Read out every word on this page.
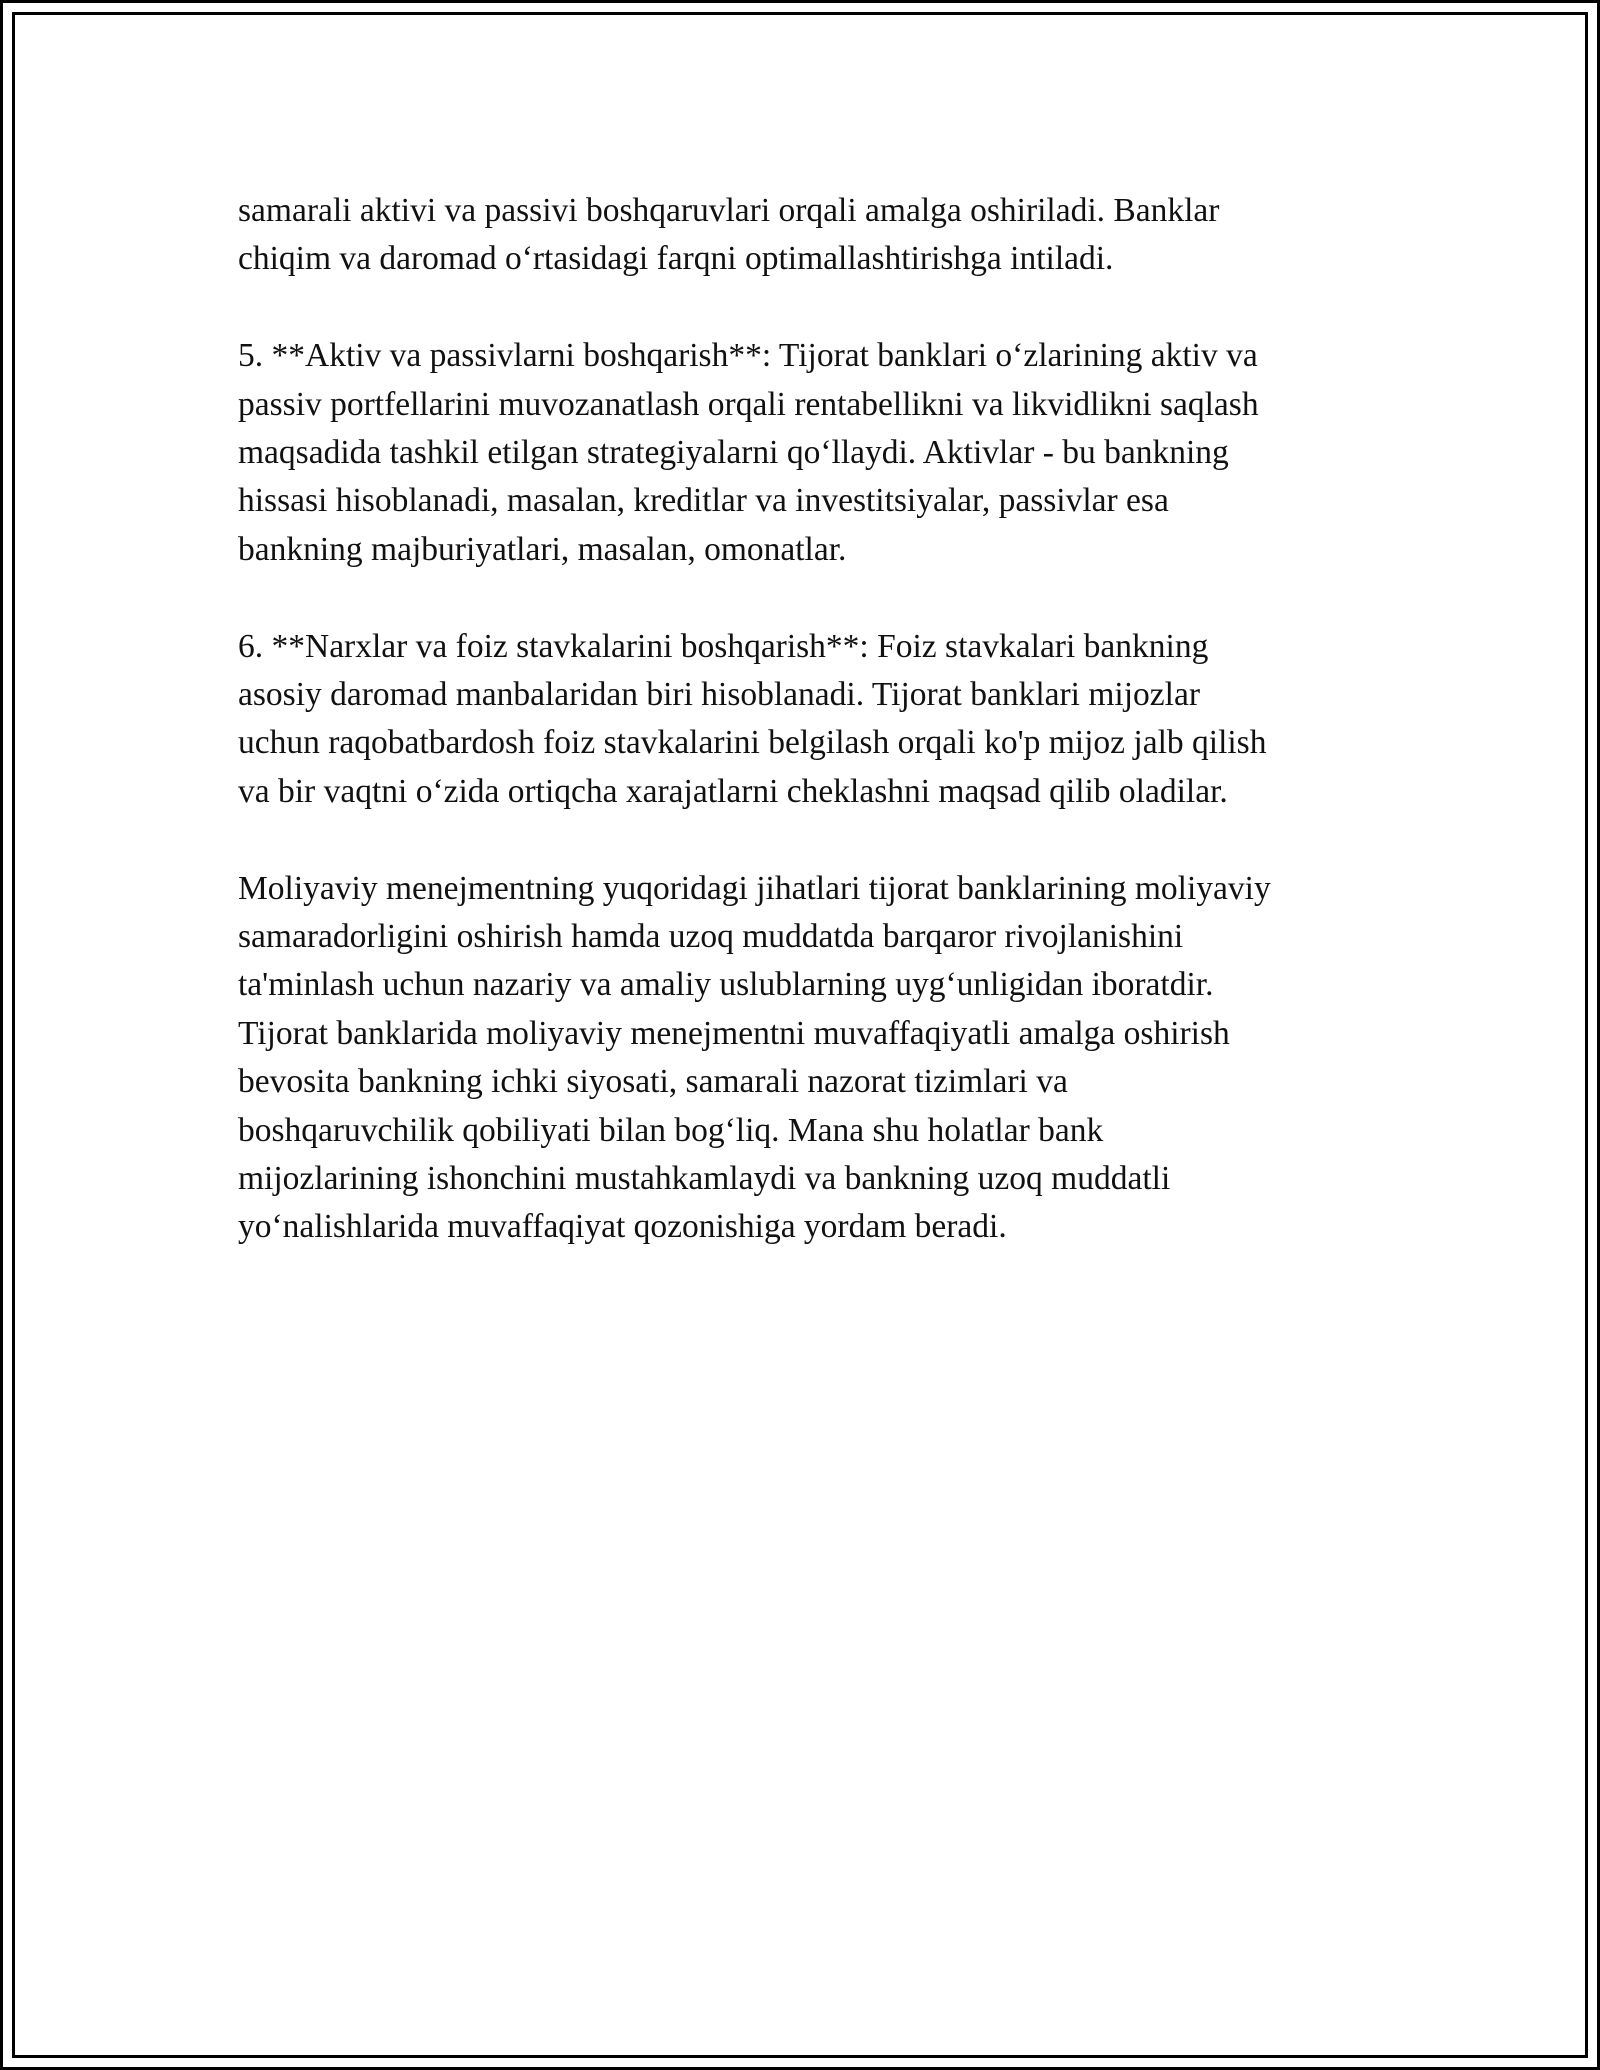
samarali aktivi va passivi boshqaruvlari orqali amalga oshiriladi. Banklar
chiqim va daromad o‘rtasidagi farqni optimallashtirishga intiladi.

5. **Aktiv va passivlarni boshqarish**: Tijorat banklari o‘zlarining aktiv va
passiv portfellarini muvozanatlash orqali rentabellikni va likvidlikni saqlash
maqsadida tashkil etilgan strategiyalarni qo‘llaydi. Aktivlar - bu bankning
hissasi hisoblanadi, masalan, kreditlar va investitsiyalar, passivlar esa
bankning majburiyatlari, masalan, omonatlar.

6. **Narxlar va foiz stavkalarini boshqarish**: Foiz stavkalari bankning
asosiy daromad manbalaridan biri hisoblanadi. Tijorat banklari mijozlar
uchun raqobatbardosh foiz stavkalarini belgilash orqali ko'p mijoz jalb qilish
va bir vaqtni o‘zida ortiqcha xarajatlarni cheklashni maqsad qilib oladilar.

Moliyaviy menejmentning yuqoridagi jihatlari tijorat banklarining moliyaviy
samaradorligini oshirish hamda uzoq muddatda barqaror rivojlanishini
ta'minlash uchun nazariy va amaliy uslublarning uyg‘unligidan iboratdir.
Tijorat banklarida moliyaviy menejmentni muvaffaqiyatli amalga oshirish
bevosita bankning ichki siyosati, samarali nazorat tizimlari va
boshqaruvchilik qobiliyati bilan bog‘liq. Mana shu holatlar bank
mijozlarining ishonchini mustahkamlaydi va bankning uzoq muddatli
yo‘nalishlarida muvaffaqiyat qozonishiga yordam beradi.
